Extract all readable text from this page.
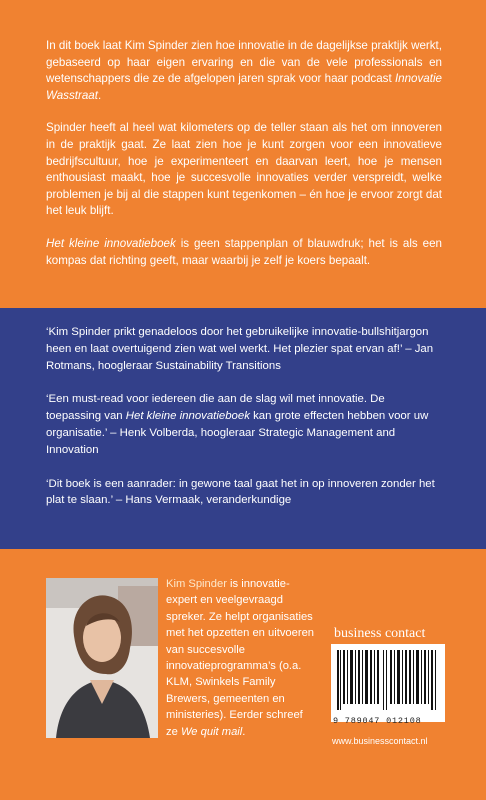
In dit boek laat Kim Spinder zien hoe innovatie in de dagelijkse praktijk werkt, gebaseerd op haar eigen ervaring en die van de vele professionals en wetenschappers die ze de afgelopen jaren sprak voor haar podcast Innovatie Wasstraat.

Spinder heeft al heel wat kilometers op de teller staan als het om innoveren in de praktijk gaat. Ze laat zien hoe je kunt zorgen voor een innovatieve bedrijfscultuur, hoe je experimenteert en daarvan leert, hoe je mensen enthousiast maakt, hoe je succesvolle innovaties verder verspreidt, welke problemen je bij al die stappen kunt tegenkomen – én hoe je ervoor zorgt dat het leuk blijft.

Het kleine innovatieboek is geen stappenplan of blauwdruk; het is als een kompas dat richting geeft, maar waarbij je zelf je koers bepaalt.

‘Kim Spinder prikt genadeloos door het gebruikelijke innovatie-bullshitjargon heen en laat overtuigend zien wat wel werkt. Het plezier spat ervan af!’ – Jan Rotmans, hoogleraar Sustainability Transitions

‘Een must-read voor iedereen die aan de slag wil met innovatie. De toepassing van Het kleine innovatieboek kan grote effecten hebben voor uw organisatie.’ – Henk Volberda, hoogleraar Strategic Management and Innovation

‘Dit boek is een aanrader: in gewone taal gaat het in op innoveren zonder het plat te slaan.’ – Hans Vermaak, veranderkundige

Kim Spinder is innovatie-expert en veelgevraagd spreker. Ze helpt organisaties met het opzetten en uitvoeren van succesvolle innovatieprogramma’s (o.a. KLM, Swinkels Family Brewers, gemeenten en ministeries). Eerder schreef ze We quit mail.
business contact
9 789047 012108
www.businesscontact.nl
